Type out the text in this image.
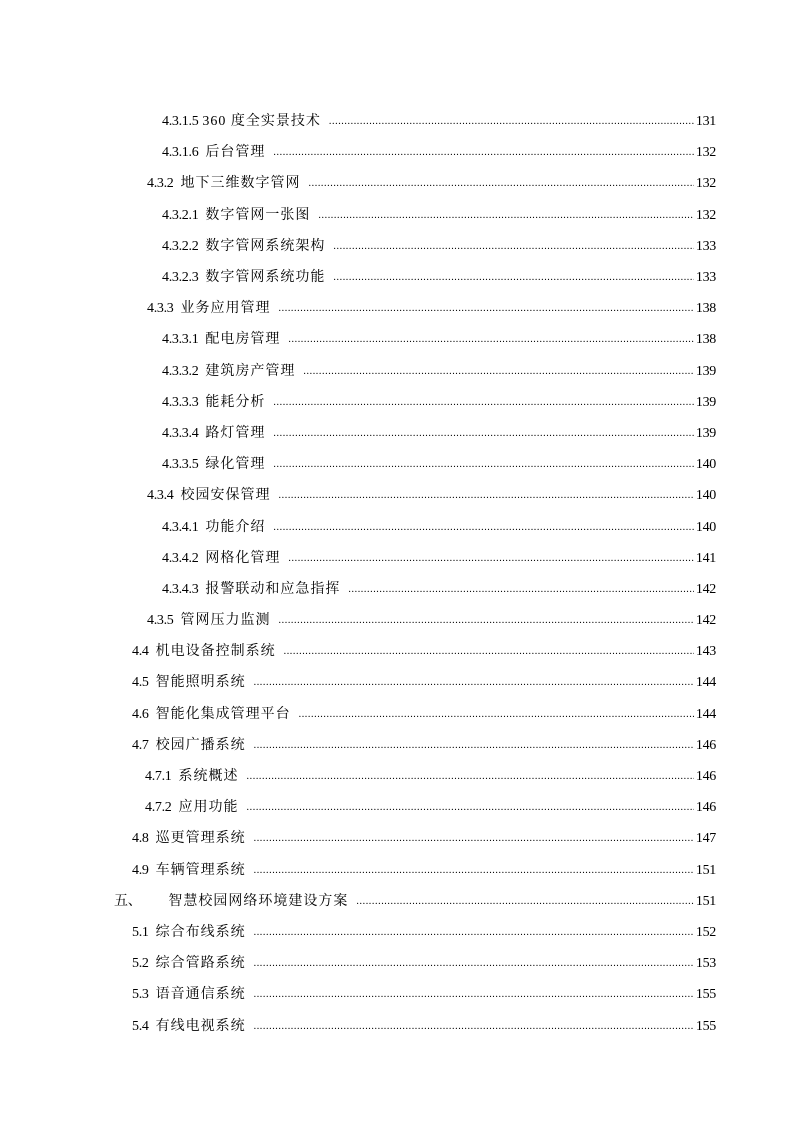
4.3.1.5 360 度全实景技术 .....	131
4.3.1.6 后台管理 .....	132
4.3.2 地下三维数字管网 .....	132
4.3.2.1 数字管网一张图 .....	132
4.3.2.2 数字管网系统架构 .....	133
4.3.2.3 数字管网系统功能 .....	133
4.3.3 业务应用管理 .....	138
4.3.3.1 配电房管理 .....	138
4.3.3.2 建筑房产管理 .....	139
4.3.3.3 能耗分析 .....	139
4.3.3.4 路灯管理 .....	139
4.3.3.5 绿化管理 .....	140
4.3.4 校园安保管理 .....	140
4.3.4.1 功能介绍 .....	140
4.3.4.2 网格化管理 .....	141
4.3.4.3 报警联动和应急指挥 .....	142
4.3.5 管网压力监测 .....	142
4.4 机电设备控制系统 .....	143
4.5 智能照明系统 .....	144
4.6 智能化集成管理平台 .....	144
4.7 校园广播系统 .....	146
4.7.1 系统概述 .....	146
4.7.2 应用功能 .....	146
4.8 巡更管理系统 .....	147
4.9 车辆管理系统 .....	151
五、 智慧校园网络环境建设方案 .....	151
5.1 综合布线系统 .....	152
5.2 综合管路系统 .....	153
5.3 语音通信系统 .....	155
5.4 有线电视系统 .....	155
